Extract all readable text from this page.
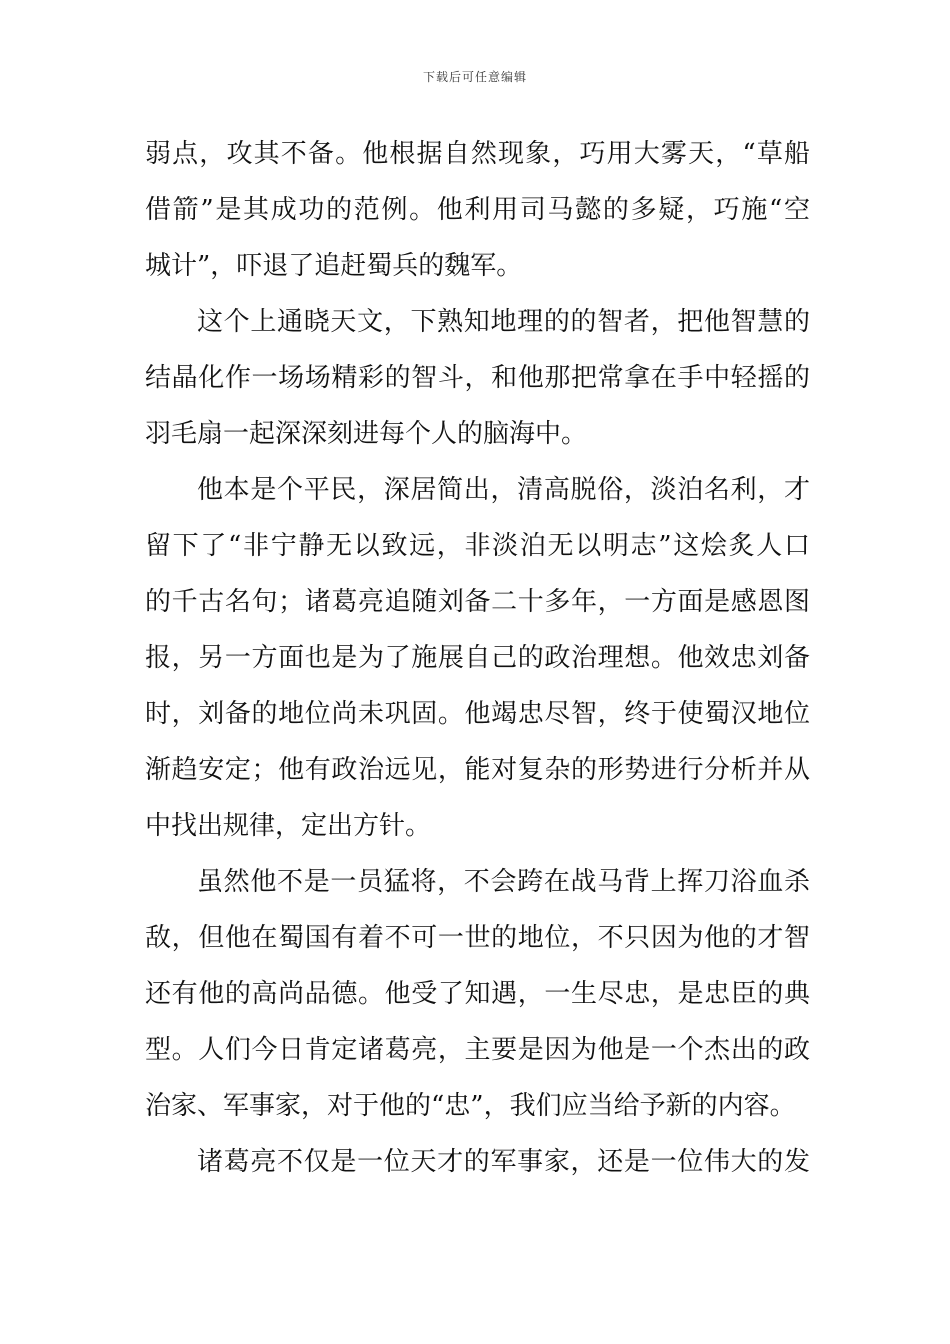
下载后可任意编辑
弱点，攻其不备。他根据自然现象，巧用大雾天，“草船
借箭”是其成功的范例。他利用司马懿的多疑，巧施“空
城计”，吓退了追赶蜀兵的魏军。
这个上通晓天文，下熟知地理的的智者，把他智慧的
结晶化作一场场精彩的智斗，和他那把常拿在手中轻摇的
羽毛扇一起深深刻进每个人的脑海中。
他本是个平民，深居简出，清高脱俗，淡泊名利，才
留下了“非宁静无以致远，非淡泊无以明志”这烩炙人口
的千古名句；诸葛亮追随刘备二十多年，一方面是感恩图
报，另一方面也是为了施展自己的政治理想。他效忠刘备
时，刘备的地位尚未巩固。他竭忠尽智，终于使蜀汉地位
渐趋安定；他有政治远见，能对复杂的形势进行分析并从
中找出规律，定出方针。
虽然他不是一员猛将，不会跨在战马背上挥刀浴血杀
敌，但他在蜀国有着不可一世的地位，不只因为他的才智
还有他的高尚品德。他受了知遇，一生尽忠，是忠臣的典
型。人们今日肯定诸葛亮，主要是因为他是一个杰出的政
治家、军事家，对于他的“忠”，我们应当给予新的内容。
诸葛亮不仅是一位天才的军事家，还是一位伟大的发
